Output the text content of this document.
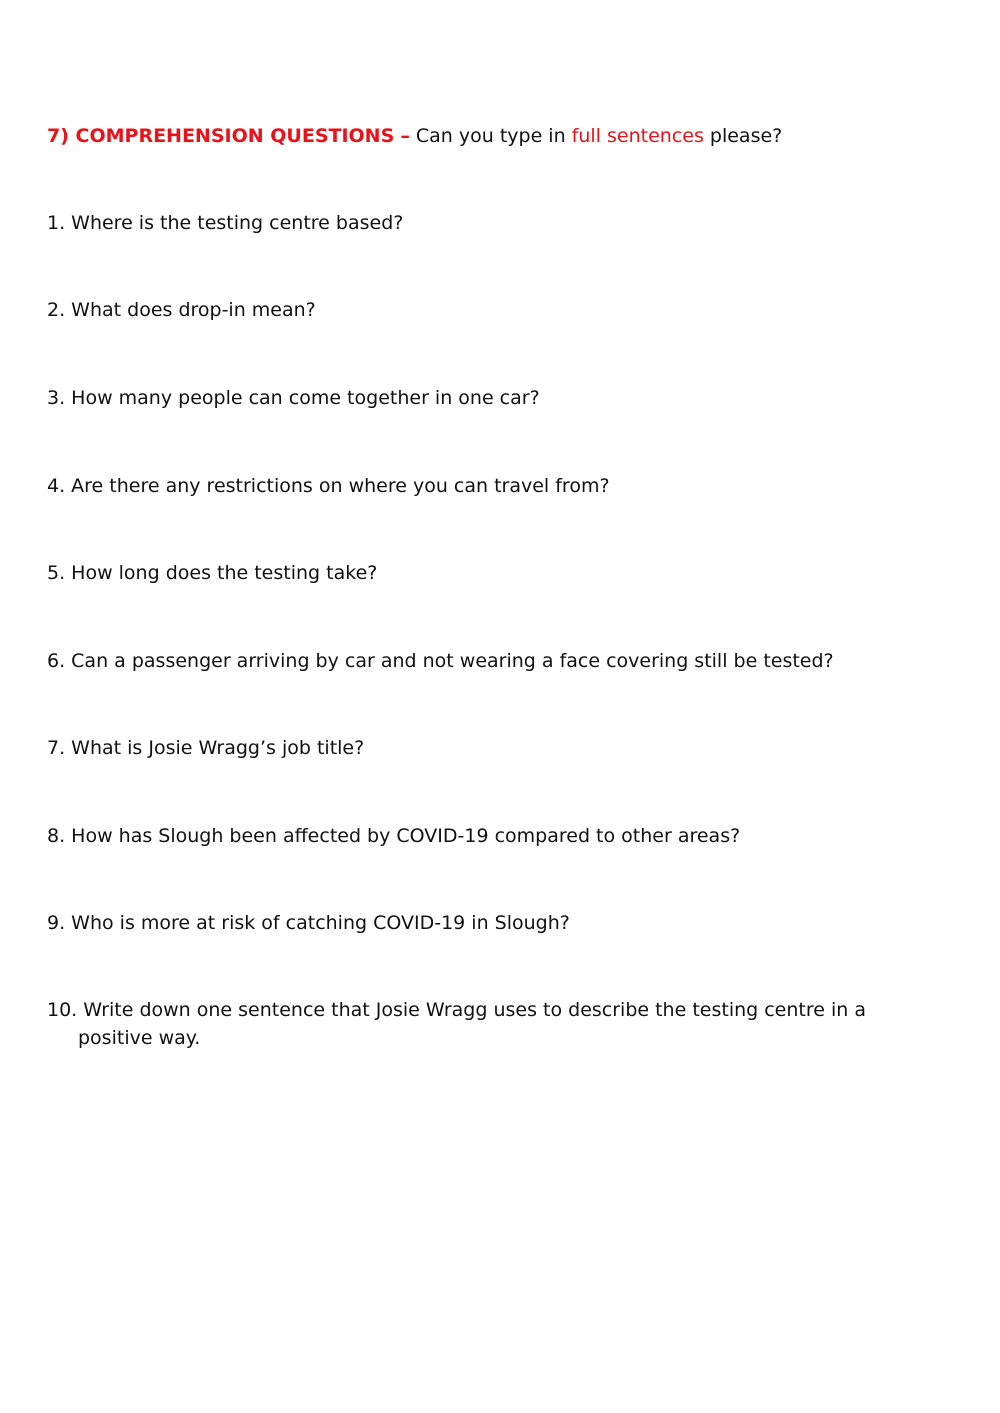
7) COMPREHENSION QUESTIONS – Can you type in full sentences please?
1. Where is the testing centre based?
2. What does drop-in mean?
3. How many people can come together in one car?
4. Are there any restrictions on where you can travel from?
5. How long does the testing take?
6. Can a passenger arriving by car and not wearing a face covering still be tested?
7. What is Josie Wragg’s job title?
8. How has Slough been affected by COVID-19 compared to other areas?
9. Who is more at risk of catching COVID-19 in Slough?
10. Write down one sentence that Josie Wragg uses to describe the testing centre in a positive way.
